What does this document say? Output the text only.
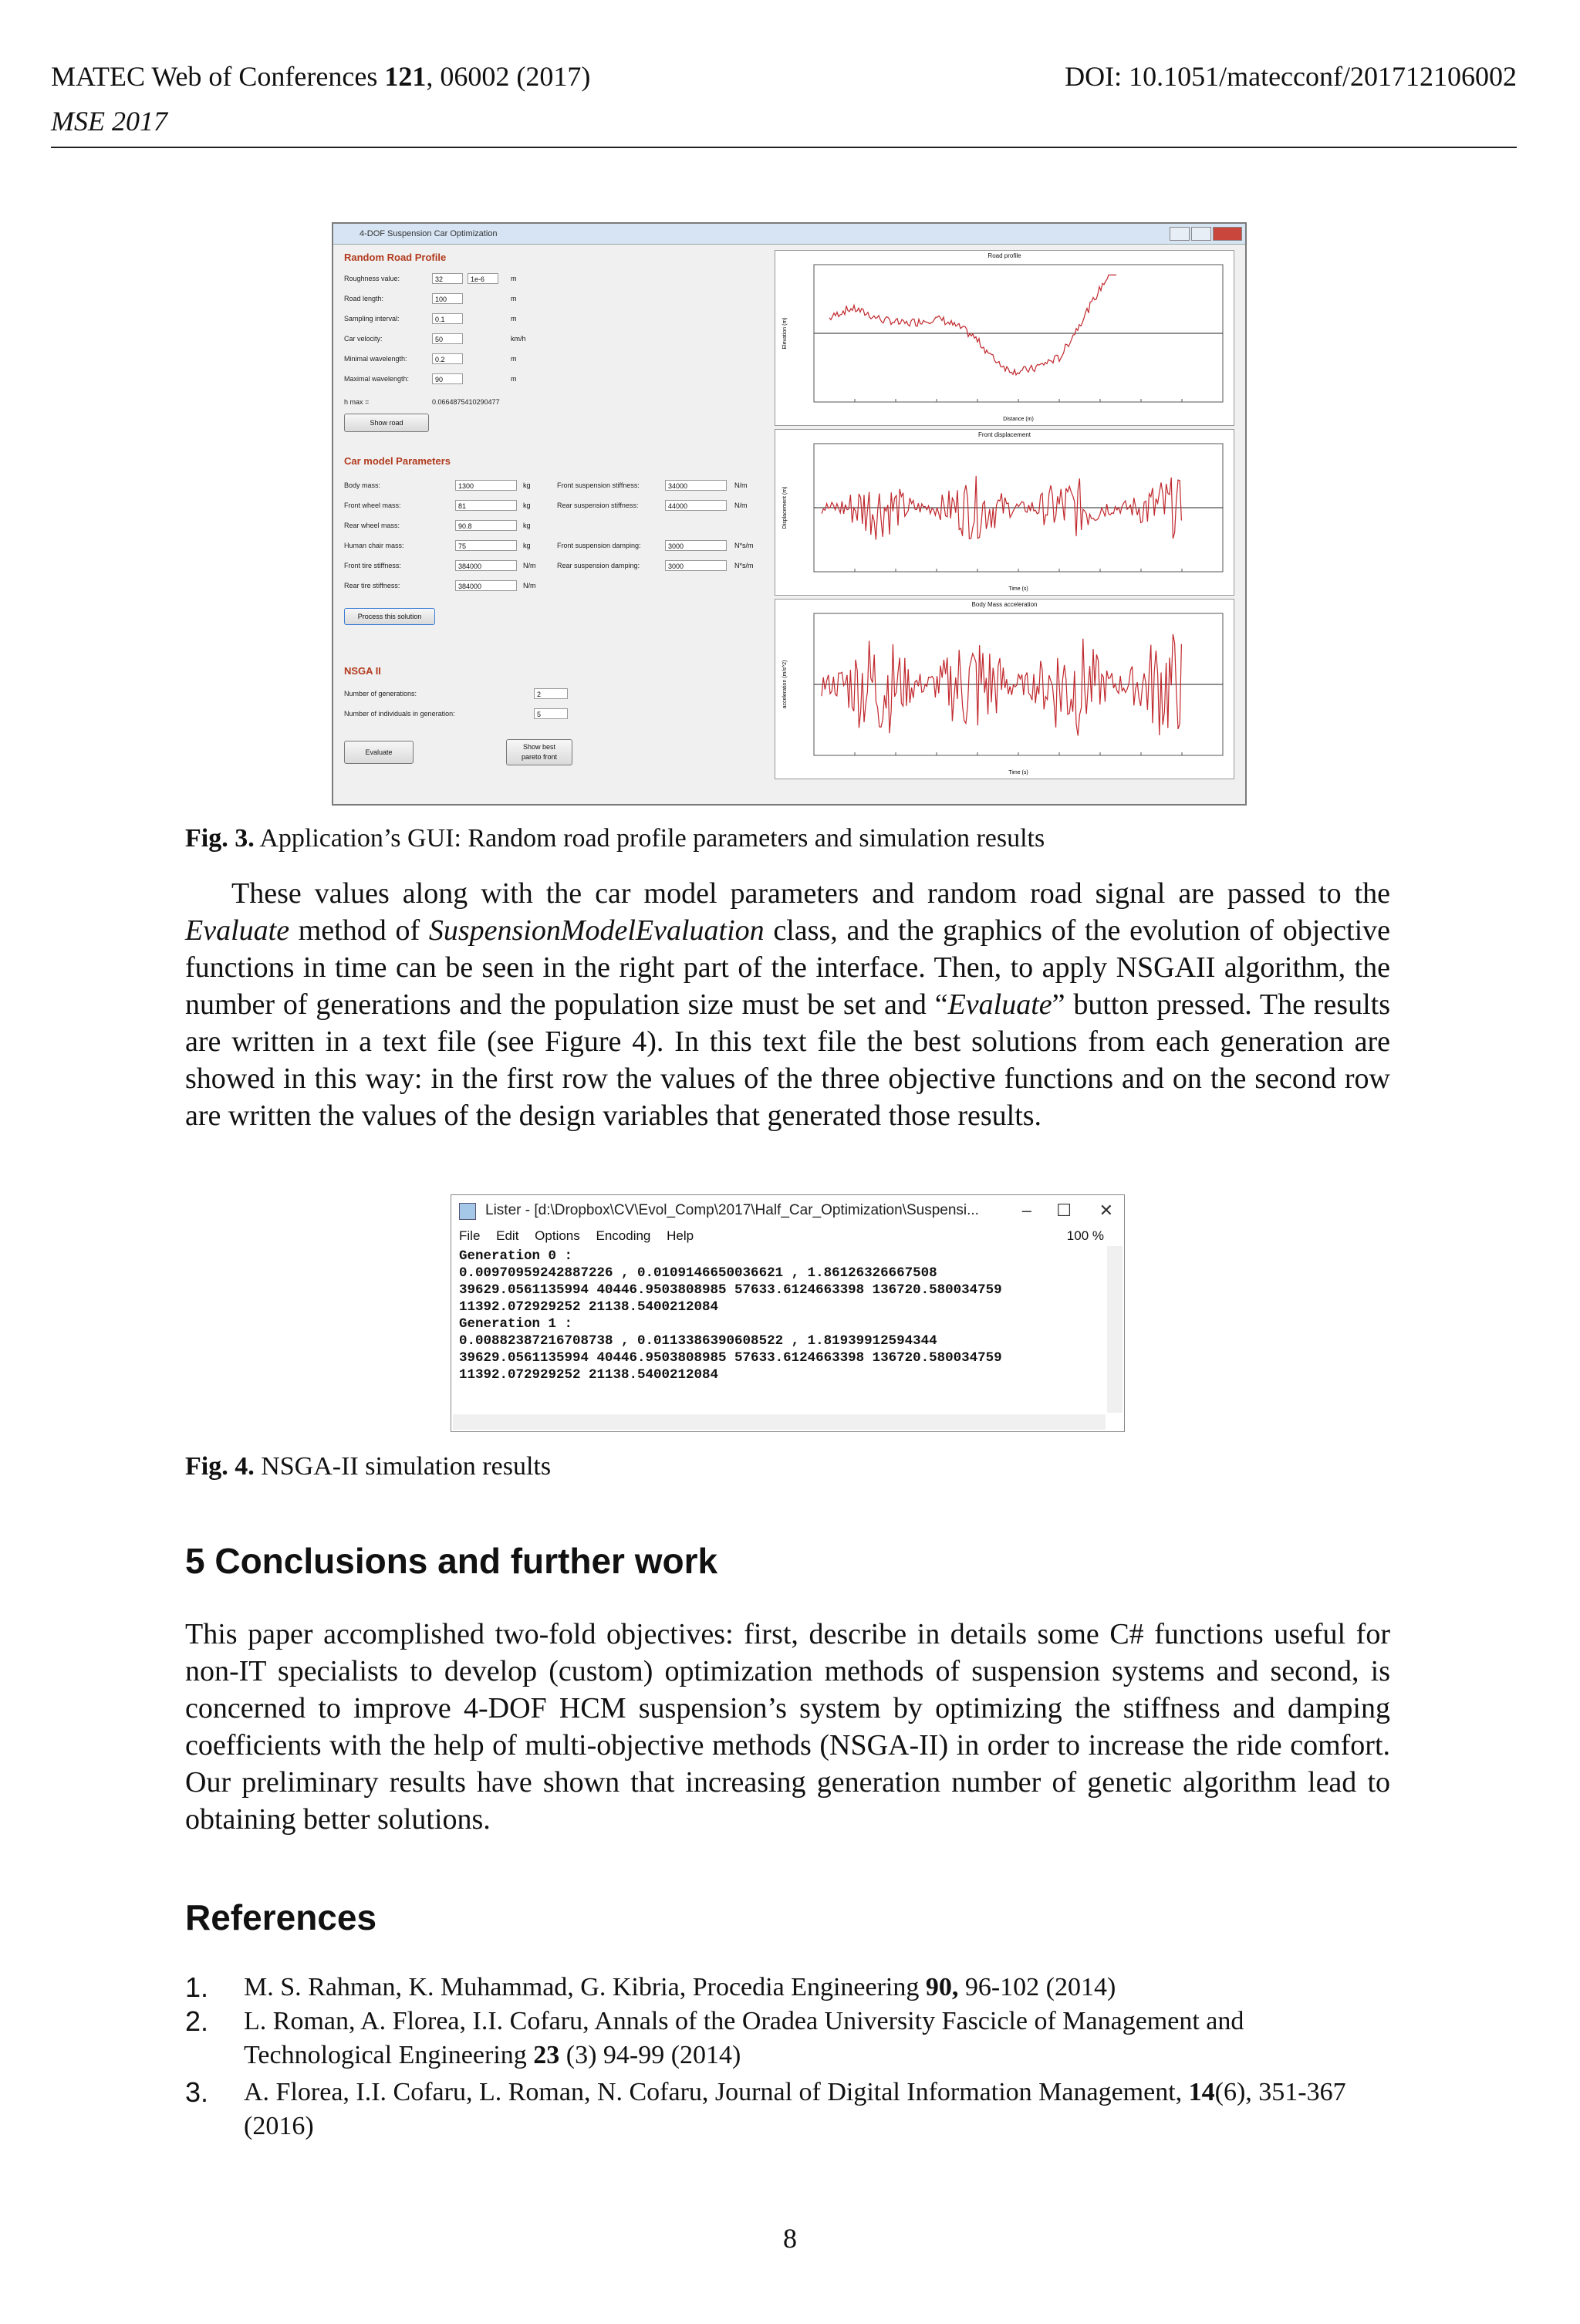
MATEC Web of Conferences 121, 06002 (2017)	DOI: 10.1051/matecconf/201712106002
MSE 2017
4-DOF Suspension Car Optimization
Random Road Profile
Roughness value:	32	1e-6	m
Road length:	100	m
Sampling interval:	0.1	m
Car velocity:	50	km/h
Minimal wavelength:	0.2	m
Maximal wavelength:	90	m
h max =	0.0664875410290477
Show road
Car model Parameters
Body mass:	1300	kg
Front wheel mass:	81	kg
Rear wheel mass:	90.8	kg
Human chair mass:	75	kg
Front tire stiffness:	384000	N/m
Rear tire stiffness:	384000	N/m
Front suspension stiffness:	34000	N/m
Rear suspension stiffness:	44000	N/m
Front suspension damping:	3000	N*s/m
Rear suspension damping:	3000	N*s/m
Process this solution
NSGA II
Number of generations:	2
Number of individuals in generation:	5
Evaluate
Show best
pareto front
Road profile
Distance (m)
Elevation (m)
Front displacement
Time (s)
Displacement (m)
Body Mass acceleration
Time (s)
acceleration (m/s^2)
Fig. 3. Application’s GUI: Random road profile parameters and simulation results
These values along with the car model parameters and random road signal are passed to the Evaluate method of SuspensionModelEvaluation class, and the graphics of the evolution of objective functions in time can be seen in the right part of the interface. Then, to apply NSGAII algorithm, the number of generations and the population size must be set and “Evaluate” button pressed. The results are written in a text file (see Figure 4). In this text file the best solutions from each generation are showed in this way: in the first row the values of the three objective functions and on the second row are written the values of the design variables that generated those results.
Lister - [d:\Dropbox\CV\Evol_Comp\2017\Half_Car_Optimization\Suspensi...	– ☐ ✕
File Edit Options Encoding Help	100 %
Generation 0 :
0.00970959242887226 , 0.0109146650036621 , 1.86126326667508
39629.0561135994 40446.9503808985 57633.6124663398 136720.580034759
11392.072929252 21138.5400212084
Generation 1 :
0.00882387216708738 , 0.0113386390608522 , 1.81939912594344
39629.0561135994 40446.9503808985 57633.6124663398 136720.580034759
11392.072929252 21138.5400212084
Fig. 4. NSGA-II simulation results
5 Conclusions and further work
This paper accomplished two-fold objectives: first, describe in details some C# functions useful for non-IT specialists to develop (custom) optimization methods of suspension systems and second, is concerned to improve 4-DOF HCM suspension’s system by optimizing the stiffness and damping coefficients with the help of multi-objective methods (NSGA-II) in order to increase the ride comfort. Our preliminary results have shown that increasing generation number of genetic algorithm lead to obtaining better solutions.
References
1. M. S. Rahman, K. Muhammad, G. Kibria, Procedia Engineering 90, 96-102 (2014)
2. L. Roman, A. Florea, I.I. Cofaru, Annals of the Oradea University Fascicle of Management and Technological Engineering 23 (3) 94-99 (2014)
3. A. Florea, I.I. Cofaru, L. Roman, N. Cofaru, Journal of Digital Information Management, 14(6), 351-367 (2016)
8
